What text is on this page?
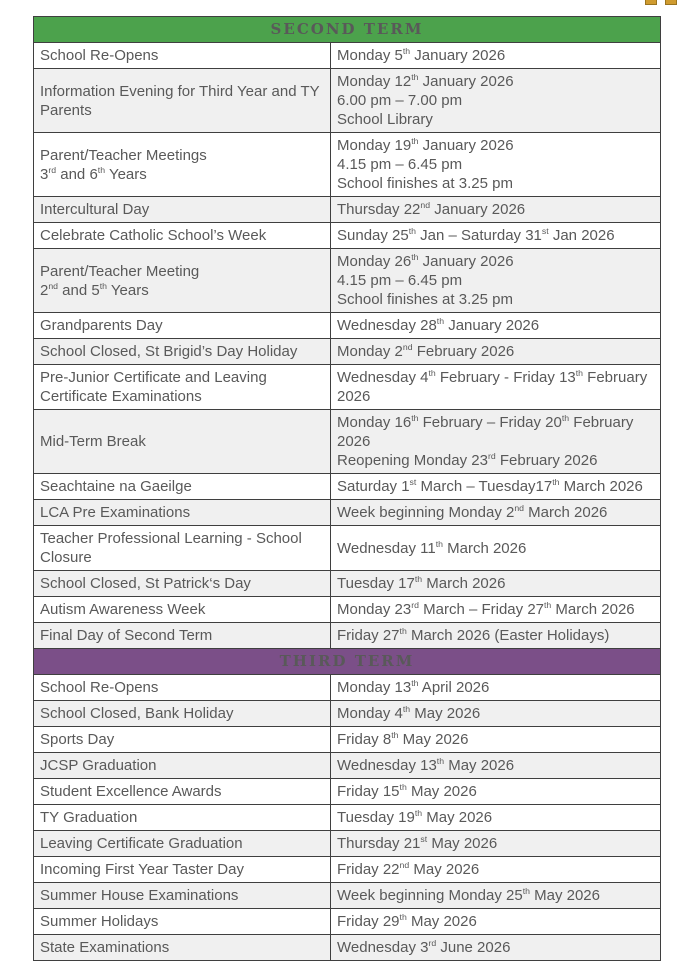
SECOND TERM	
School Re-Opens	Monday 5th January 2026
Information Evening for Third Year and TY Parents	Monday 12th January 2026
6.00 pm – 7.00 pm
School Library
Parent/Teacher Meetings
3rd and 6th Years	Monday 19th January 2026
4.15 pm – 6.45 pm
School finishes at 3.25 pm
Intercultural Day	Thursday 22nd January 2026
Celebrate Catholic School’s Week	Sunday 25th Jan – Saturday 31st Jan 2026
Parent/Teacher Meeting
2nd and 5th Years	Monday 26th January 2026
4.15 pm – 6.45 pm
School finishes at 3.25 pm
Grandparents Day	Wednesday 28th January 2026
School Closed, St Brigid’s Day Holiday	Monday 2nd February 2026
Pre-Junior Certificate and Leaving Certificate Examinations	Wednesday 4th February - Friday 13th February 2026
Mid-Term Break	Monday 16th February – Friday 20th February 2026
Reopening Monday 23rd February 2026
Seachtaine na Gaeilge	Saturday 1st March – Tuesday17th March 2026
LCA Pre Examinations	Week beginning Monday 2nd March 2026
Teacher Professional Learning - School Closure	Wednesday 11th March 2026
School Closed, St Patrick‘s Day	Tuesday 17th March 2026
Autism Awareness Week	Monday 23rd March – Friday 27th March 2026
Final Day of Second Term	Friday 27th March 2026 (Easter Holidays)
THIRD TERM	
School Re-Opens	Monday 13th April 2026
School Closed, Bank Holiday	Monday 4th May 2026
Sports Day	Friday 8th May 2026
JCSP Graduation	Wednesday 13th May 2026
Student Excellence Awards	Friday 15th May 2026
TY Graduation	Tuesday 19th May 2026
Leaving Certificate Graduation	Thursday 21st May 2026
Incoming First Year Taster Day	Friday 22nd May 2026
Summer House Examinations	Week beginning Monday 25th May 2026
Summer Holidays	Friday 29th May 2026
State Examinations	Wednesday 3rd June 2026
